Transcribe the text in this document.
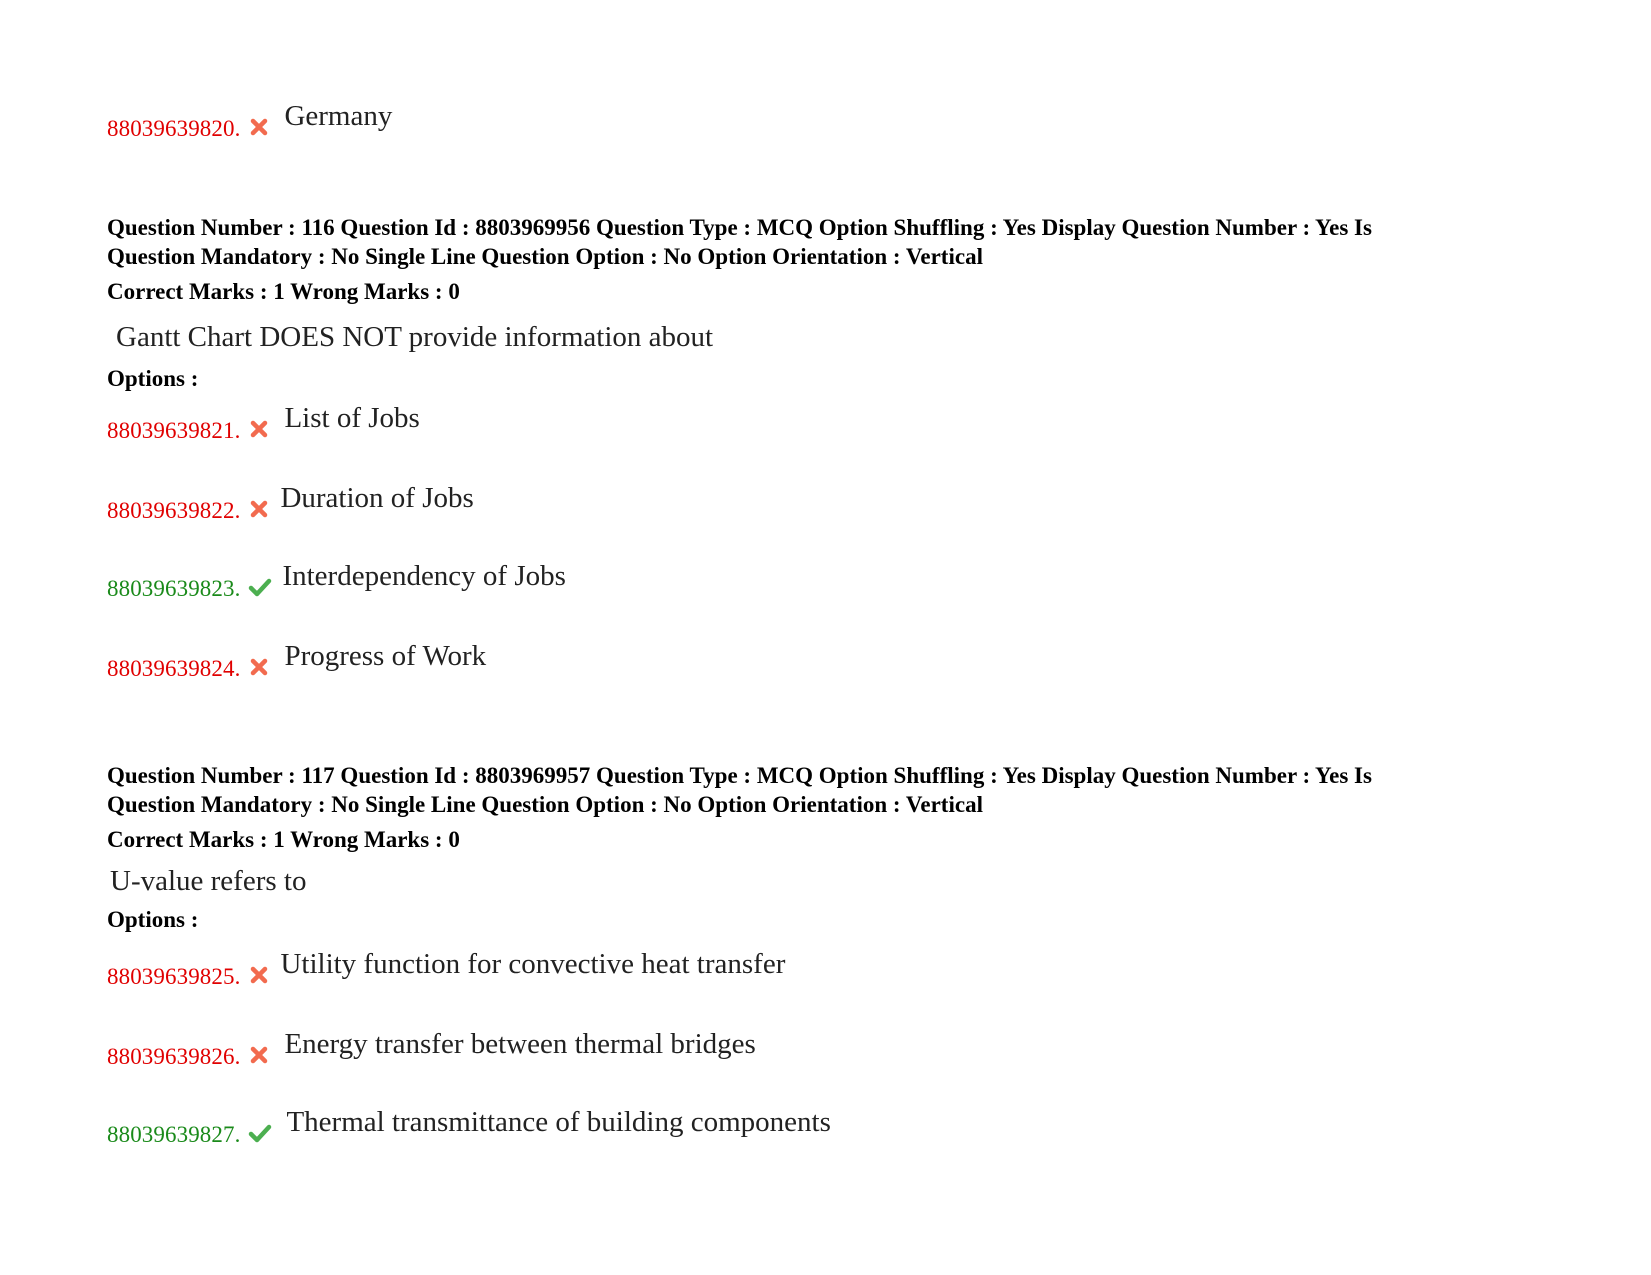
88039639820. Germany
Question Number : 116 Question Id : 8803969956 Question Type : MCQ Option Shuffling : Yes Display Question Number : Yes Is
Question Mandatory : No Single Line Question Option : No Option Orientation : Vertical
Correct Marks : 1 Wrong Marks : 0
Gantt Chart DOES NOT provide information about
Options :
88039639821. List of Jobs
88039639822. Duration of Jobs
88039639823. Interdependency of Jobs
88039639824. Progress of Work
Question Number : 117 Question Id : 8803969957 Question Type : MCQ Option Shuffling : Yes Display Question Number : Yes Is
Question Mandatory : No Single Line Question Option : No Option Orientation : Vertical
Correct Marks : 1 Wrong Marks : 0
U-value refers to
Options :
88039639825. Utility function for convective heat transfer
88039639826. Energy transfer between thermal bridges
88039639827. Thermal transmittance of building components
